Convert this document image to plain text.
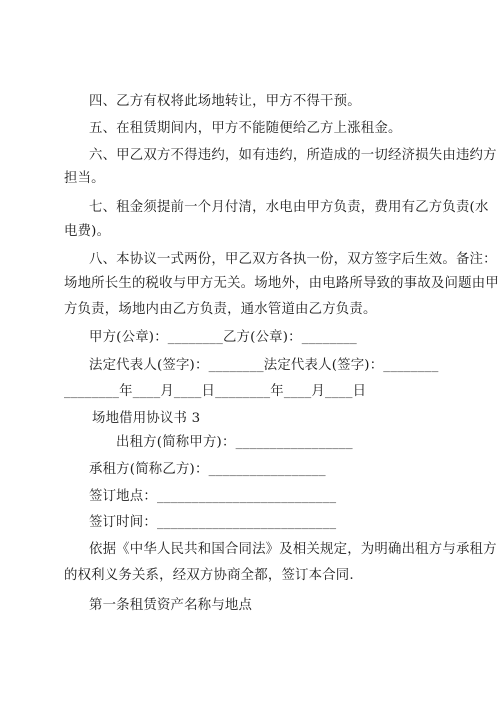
四、乙方有权将此场地转让，甲方不得干预。
五、在租赁期间内，甲方不能随便给乙方上涨租金。
六、甲乙双方不得违约，如有违约，所造成的一切经济损失由违约方
担当。
七、租金须提前一个月付清，水电由甲方负责，费用有乙方负责(水
电费)。
八、本协议一式两份，甲乙双方各执一份，双方签字后生效。备注：
场地所长生的税收与甲方无关。场地外，由电路所导致的事故及问题由甲
方负责，场地内由乙方负责，通水管道由乙方负责。
甲方(公章)：________乙方(公章)：________
法定代表人(签字)：________法定代表人(签字)：________
________年____月____日________年____月____日
场地借用协议书 3
出租方(简称甲方)：_________________
承租方(简称乙方)：_________________
签订地点：__________________________
签订时间：__________________________
依据《中华人民共和国合同法》及相关规定，为明确出租方与承租方
的权利义务关系，经双方协商全都，签订本合同.
第一条租赁资产名称与地点
